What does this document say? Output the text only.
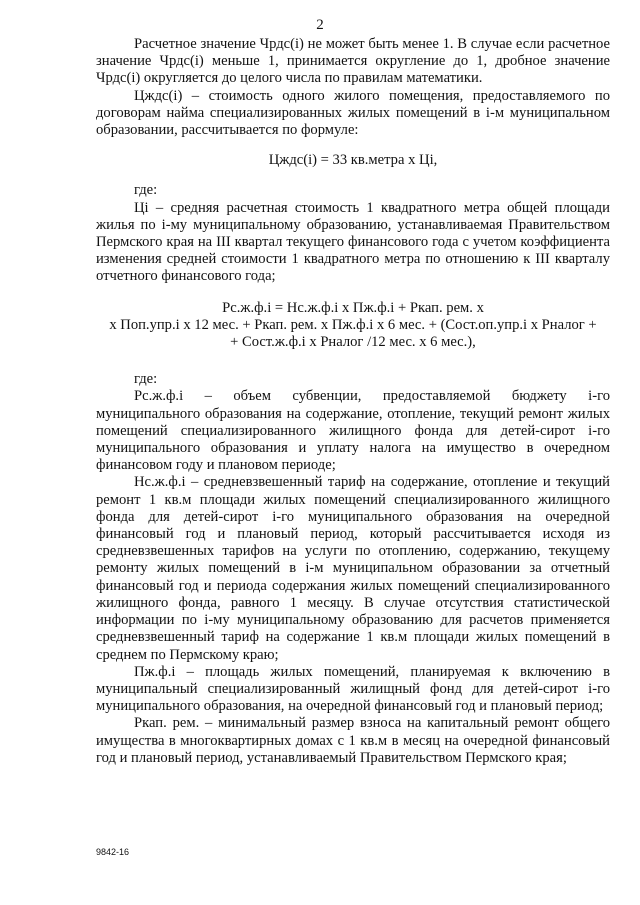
2

Расчетное значение Чрдс(i) не может быть менее 1. В случае если расчетное значение Чрдс(i) меньше 1, принимается округление до 1, дробное значение Чрдс(i) округляется до целого числа по правилам математики.

Цждс(i) – стоимость одного жилого помещения, предоставляемого по договорам найма специализированных жилых помещений в i-м муниципальном образовании, рассчитывается по формуле:

Цждс(i) = 33 кв.метра х Цi,

где:

Цi – средняя расчетная стоимость 1 квадратного метра общей площади жилья по i-му муниципальному образованию, устанавливаемая Правительством Пермского края на III квартал текущего финансового года с учетом коэффициента изменения средней стоимости 1 квадратного метра по отношению к III кварталу отчетного финансового года;

Рс.ж.ф.i = Нс.ж.ф.i х Пж.ф.i + Ркап. рем. х

х Поп.упр.i х 12 мес. + Ркап. рем. х Пж.ф.i х 6 мес. + (Сост.оп.упр.i х Рналог +

+ Сост.ж.ф.i х Рналог /12 мес. х 6 мес.),

где:

Рс.ж.ф.i – объем субвенции, предоставляемой бюджету i-го муниципального образования на содержание, отопление, текущий ремонт жилых помещений специализированного жилищного фонда для детей-сирот i-го муниципального образования и уплату налога на имущество в очередном финансовом году и плановом периоде;

Нс.ж.ф.i – средневзвешенный тариф на содержание, отопление и текущий ремонт 1 кв.м площади жилых помещений специализированного жилищного фонда для детей-сирот i-го муниципального образования на очередной финансовый год и плановый период, который рассчитывается исходя из средневзвешенных тарифов на услуги по отоплению, содержанию, текущему ремонту жилых помещений в i-м муниципальном образовании за отчетный финансовый год и периода содержания жилых помещений специализированного жилищного фонда, равного 1 месяцу. В случае отсутствия статистической информации по i-му муниципальному образованию для расчетов применяется средневзвешенный тариф на содержание 1 кв.м площади жилых помещений в среднем по Пермскому краю;

Пж.ф.i – площадь жилых помещений, планируемая к включению в муниципальный специализированный жилищный фонд для детей-сирот i-го муниципального образования, на очередной финансовый год и плановый период;

Ркап. рем. – минимальный размер взноса на капитальный ремонт общего имущества в многоквартирных домах с 1 кв.м в месяц на очередной финансовый год и плановый период, устанавливаемый Правительством Пермского края;

9842-16
